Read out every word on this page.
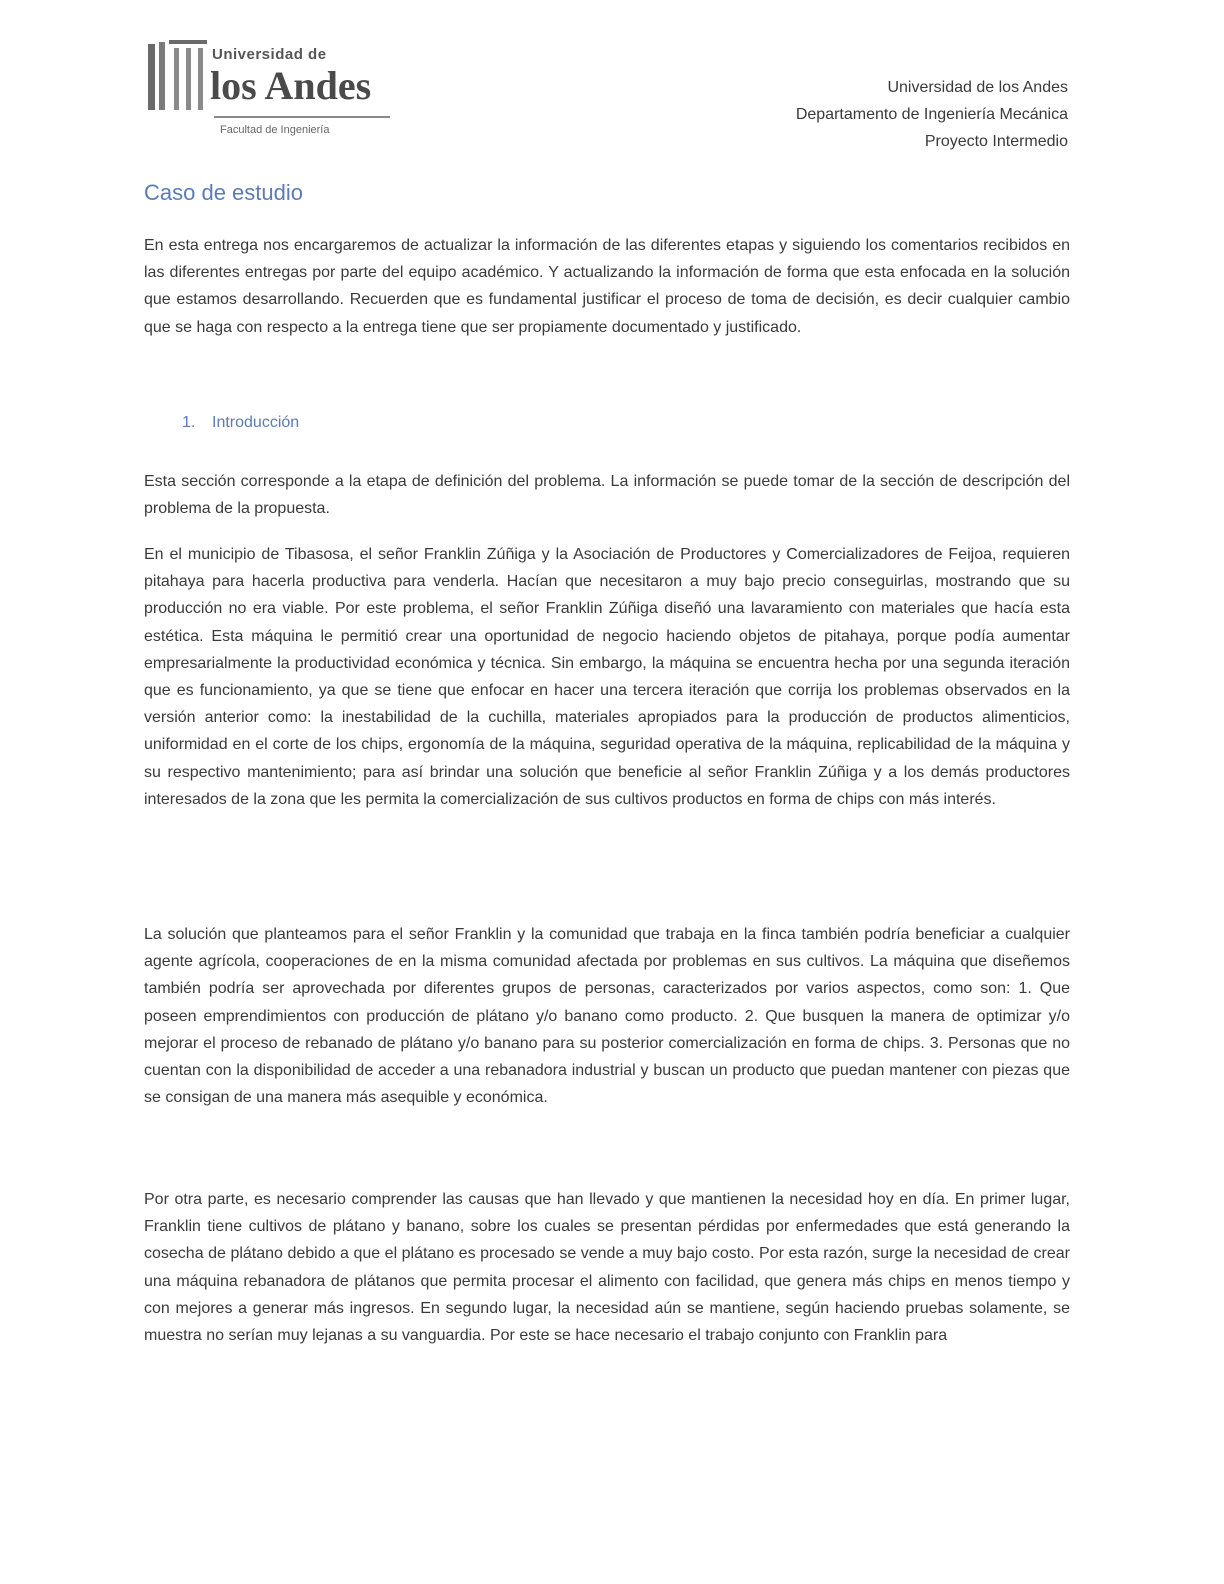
Universidad de
los Andes
Facultad de Ingeniería
Universidad de los Andes
Departamento de Ingeniería Mecánica
Proyecto Intermedio
Caso de estudio
En esta entrega nos encargaremos de actualizar la información de las diferentes etapas y siguiendo los comentarios recibidos en las diferentes entregas por parte del equipo académico. Y actualizando la información de forma que esta enfocada en la solución que estamos desarrollando. Recuerden que es fundamental justificar el proceso de toma de decisión, es decir cualquier cambio que se haga con respecto a la entrega tiene que ser propiamente documentado y justificado.
1. Introducción
Esta sección corresponde a la etapa de definición del problema. La información se puede tomar de la sección de descripción del problema de la propuesta.
En el municipio de Tibasosa, el señor Franklin Zúñiga y la Asociación de Productores y Comercializadores de Feijoa, requieren pitahaya para hacerla productiva para venderla. Hacían que necesitaron a muy bajo precio conseguirlas, mostrando que su producción no era viable. Por este problema, el señor Franklin Zúñiga diseñó una lavaramiento con materiales que hacía esta estética. Esta máquina le permitió crear una oportunidad de negocio haciendo objetos de pitahaya, porque podía aumentar empresarialmente la productividad económica y técnica. Sin embargo, la máquina se encuentra hecha por una segunda iteración que es funcionamiento, ya que se tiene que enfocar en hacer una tercera iteración que corrija los problemas observados en la versión anterior como: la inestabilidad de la cuchilla, materiales apropiados para la producción de productos alimenticios, uniformidad en el corte de los chips, ergonomía de la máquina, seguridad operativa de la máquina, replicabilidad de la máquina y su respectivo mantenimiento; para así brindar una solución que beneficie al señor Franklin Zúñiga y a los demás productores interesados de la zona que les permita la comercialización de sus cultivos productos en forma de chips con más interés.
La solución que planteamos para el señor Franklin y la comunidad que trabaja en la finca también podría beneficiar a cualquier agente agrícola, cooperaciones de en la misma comunidad afectada por problemas en sus cultivos. La máquina que diseñemos también podría ser aprovechada por diferentes grupos de personas, caracterizados por varios aspectos, como son: 1. Que poseen emprendimientos con producción de plátano y/o banano como producto. 2. Que busquen la manera de optimizar y/o mejorar el proceso de rebanado de plátano y/o banano para su posterior comercialización en forma de chips. 3. Personas que no cuentan con la disponibilidad de acceder a una rebanadora industrial y buscan un producto que puedan mantener con piezas que se consigan de una manera más asequible y económica.
Por otra parte, es necesario comprender las causas que han llevado y que mantienen la necesidad hoy en día. En primer lugar, Franklin tiene cultivos de plátano y banano, sobre los cuales se presentan pérdidas por enfermedades que está generando la cosecha de plátano debido a que el plátano es procesado se vende a muy bajo costo. Por esta razón, surge la necesidad de crear una máquina rebanadora de plátanos que permita procesar el alimento con facilidad, que genera más chips en menos tiempo y con mejores a generar más ingresos. En segundo lugar, la necesidad aún se mantiene, según haciendo pruebas solamente, se muestra no serían muy lejanas a su vanguardia. Por este se hace necesario el trabajo conjunto con Franklin para
